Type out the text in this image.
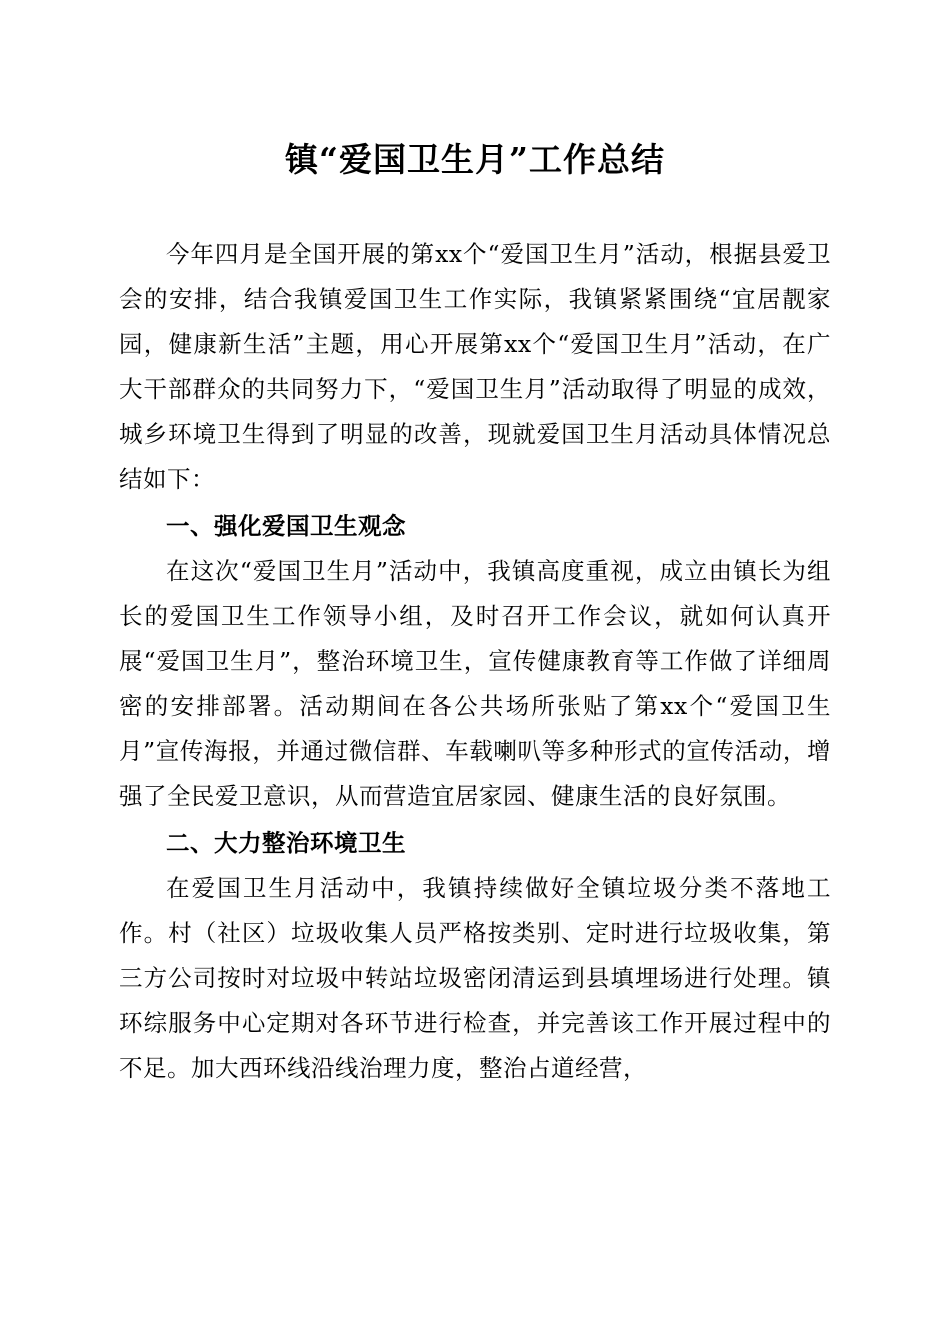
镇“爱国卫生月”工作总结

今年四月是全国开展的第xx个“爱国卫生月”活动，根据县爱卫会的安排，结合我镇爱国卫生工作实际，我镇紧紧围绕“宜居靓家园，健康新生活”主题，用心开展第xx个“爱国卫生月”活动，在广大干部群众的共同努力下，“爱国卫生月”活动取得了明显的成效，城乡环境卫生得到了明显的改善，现就爱国卫生月活动具体情况总结如下：

一、强化爱国卫生观念

在这次“爱国卫生月”活动中，我镇高度重视，成立由镇长为组长的爱国卫生工作领导小组，及时召开工作会议，就如何认真开展“爱国卫生月”，整治环境卫生，宣传健康教育等工作做了详细周密的安排部署。活动期间在各公共场所张贴了第xx个“爱国卫生月”宣传海报，并通过微信群、车载喇叭等多种形式的宣传活动，增强了全民爱卫意识，从而营造宜居家园、健康生活的良好氛围。

二、大力整治环境卫生

在爱国卫生月活动中，我镇持续做好全镇垃圾分类不落地工作。村（社区）垃圾收集人员严格按类别、定时进行垃圾收集，第三方公司按时对垃圾中转站垃圾密闭清运到县填埋场进行处理。镇环综服务中心定期对各环节进行检查，并完善该工作开展过程中的不足。加大西环线沿线治理力度，整治占道经营，
